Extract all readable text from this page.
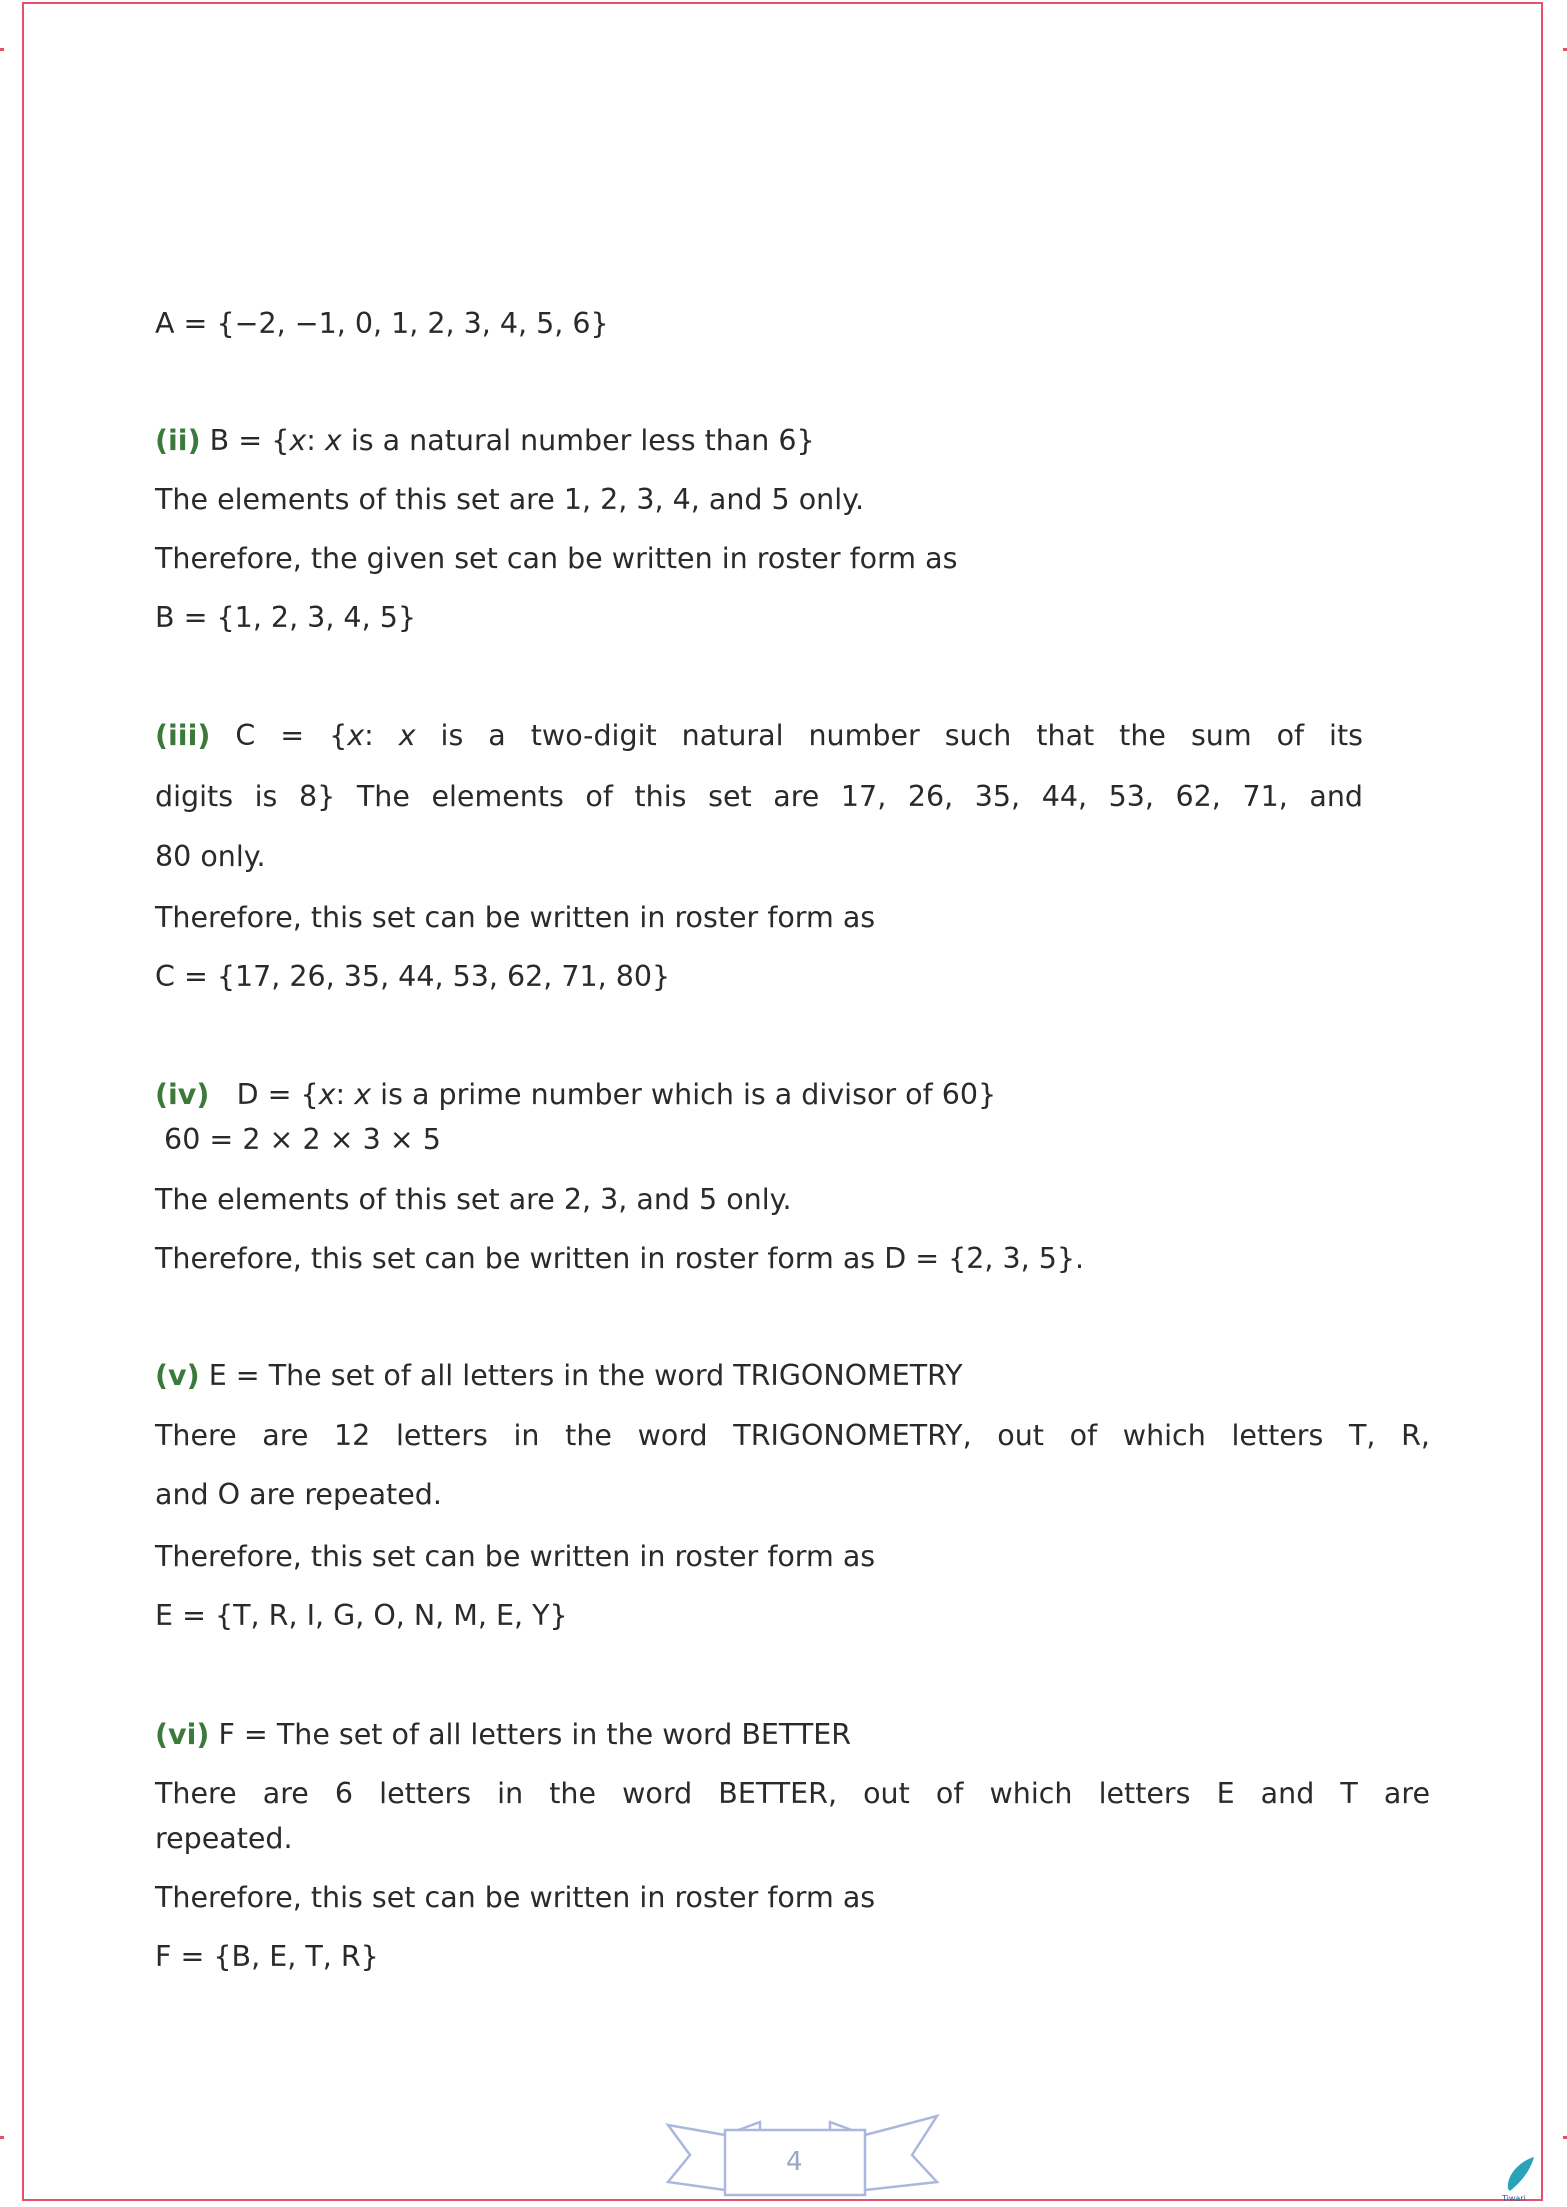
A = {−2, −1, 0, 1, 2, 3, 4, 5, 6}
(ii) B = {x: x is a natural number less than 6}
The elements of this set are 1, 2, 3, 4, and 5 only.
Therefore, the given set can be written in roster form as
B = {1, 2, 3, 4, 5}
(iii) C = {x: x is a two-digit natural number such that the sum of its
digits is 8} The elements of this set are 17, 26, 35, 44, 53, 62, 71, and
80 only.
Therefore, this set can be written in roster form as
C = {17, 26, 35, 44, 53, 62, 71, 80}
(iv)   D = {x: x is a prime number which is a divisor of 60}
60 = 2 × 2 × 3 × 5
The elements of this set are 2, 3, and 5 only.
Therefore, this set can be written in roster form as D = {2, 3, 5}.
(v) E = The set of all letters in the word TRIGONOMETRY
There are 12 letters in the word TRIGONOMETRY, out of which letters T, R,
and O are repeated.
Therefore, this set can be written in roster form as
E = {T, R, I, G, O, N, M, E, Y}
(vi) F = The set of all letters in the word BETTER
There are 6 letters in the word BETTER, out of which letters E and T are
repeated.
Therefore, this set can be written in roster form as
F = {B, E, T, R}
4
Tiwari
